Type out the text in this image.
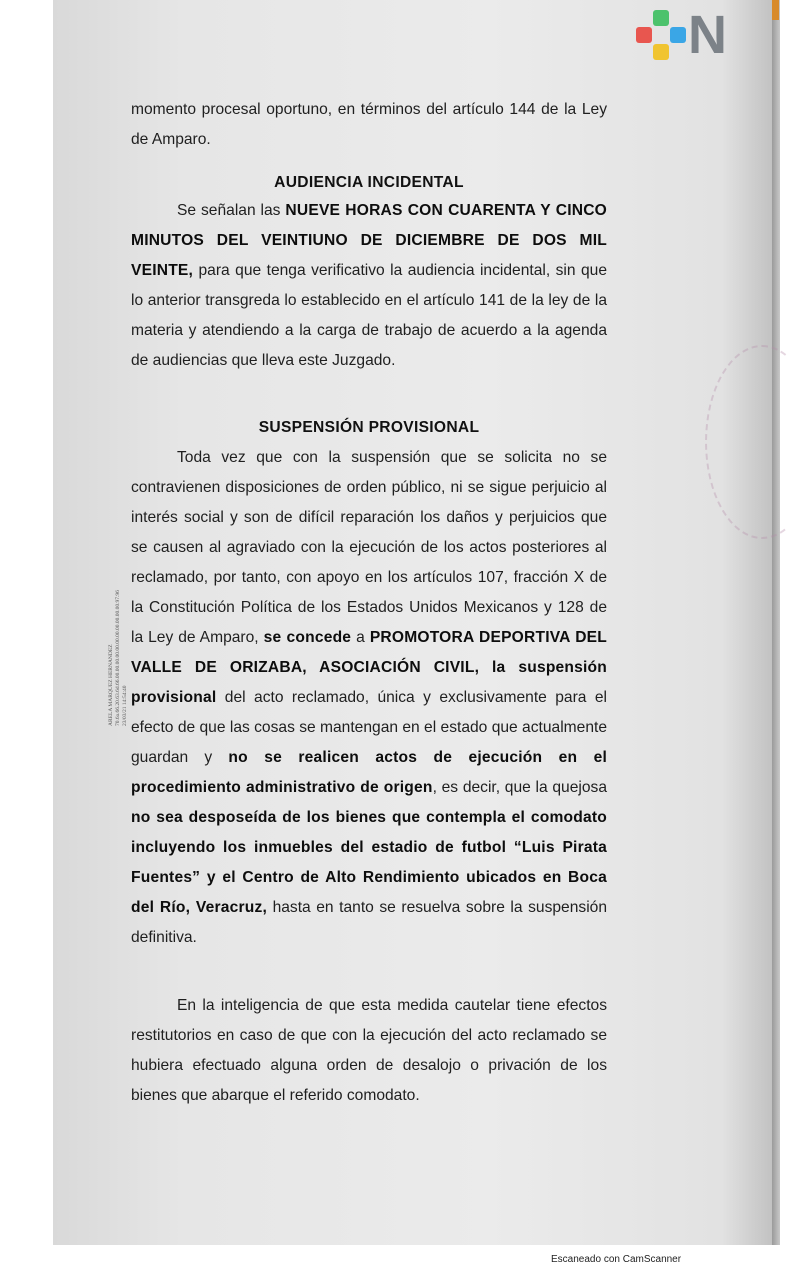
N
ARELA MARQUEZ HERNANDEZ 70.6a.66.20.63.6d.66.00.00.00.00.00.00.00.00.00.00.00.97.96 23/03/21 14:54:40

momento procesal oportuno, en términos del artículo 144 de la Ley de Amparo.

AUDIENCIA INCIDENTAL

Se señalan las NUEVE HORAS CON CUARENTA Y CINCO MINUTOS DEL VEINTIUNO DE DICIEMBRE DE DOS MIL VEINTE, para que tenga verificativo la audiencia incidental, sin que lo anterior transgreda lo establecido en el artículo 141 de la ley de la materia y atendiendo a la carga de trabajo de acuerdo a la agenda de audiencias que lleva este Juzgado.

SUSPENSIÓN PROVISIONAL

Toda vez que con la suspensión que se solicita no se contravienen disposiciones de orden público, ni se sigue perjuicio al interés social y son de difícil reparación los daños y perjuicios que se causen al agraviado con la ejecución de los actos posteriores al reclamado, por tanto, con apoyo en los artículos 107, fracción X de la Constitución Política de los Estados Unidos Mexicanos y 128 de la Ley de Amparo, se concede a PROMOTORA DEPORTIVA DEL VALLE DE ORIZABA, ASOCIACIÓN CIVIL, la suspensión provisional del acto reclamado, única y exclusivamente para el efecto de que las cosas se mantengan en el estado que actualmente guardan y no se realicen actos de ejecución en el procedimiento administrativo de origen, es decir, que la quejosa no sea desposeída de los bienes que contempla el comodato incluyendo los inmuebles del estadio de futbol “Luis Pirata Fuentes” y el Centro de Alto Rendimiento ubicados en Boca del Río, Veracruz, hasta en tanto se resuelva sobre la suspensión definitiva.

En la inteligencia de que esta medida cautelar tiene efectos restitutorios en caso de que con la ejecución del acto reclamado se hubiera efectuado alguna orden de desalojo o privación de los bienes que abarque el referido comodato.

Escaneado con CamScanner
